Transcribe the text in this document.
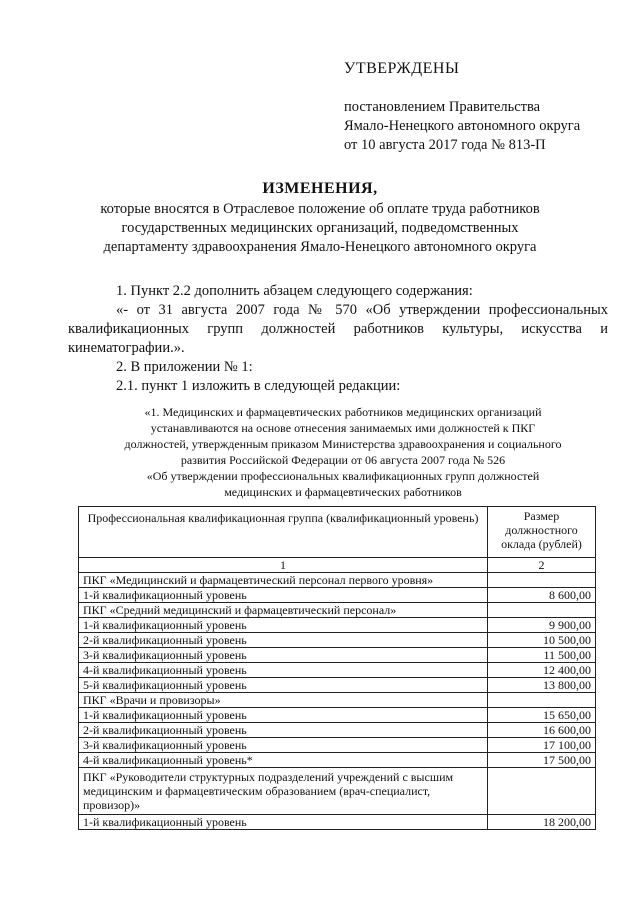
УТВЕРЖДЕНЫ
постановлением Правительства
Ямало-Ненецкого автономного округа
от 10 августа 2017 года № 813-П
ИЗМЕНЕНИЯ,
которые вносятся в Отраслевое положение об оплате труда работников
государственных медицинских организаций, подведомственных
департаменту здравоохранения Ямало-Ненецкого автономного округа

1. Пункт 2.2 дополнить абзацем следующего содержания:

«- от 31 августа 2007 года № 570 «Об утверждении профессиональных квалификационных групп должностей работников культуры, искусства и кинематографии.».

2. В приложении № 1:

2.1. пункт 1 изложить в следующей редакции:

«1. Медицинских и фармацевтических работников медицинских организаций
устанавливаются на основе отнесения занимаемых ими должностей к ПКГ
должностей, утвержденным приказом Министерства здравоохранения и социального
развития Российской Федерации от 06 августа 2007 года № 526
«Об утверждении профессиональных квалификационных групп должностей
медицинских и фармацевтических работников
Профессиональная квалификационная группа (квалификационный уровень)	Размер должностного оклада (рублей)
1	2
ПКГ «Медицинский и фармацевтический персонал первого уровня»	
1-й квалификационный уровень	8 600,00
ПКГ «Средний медицинский и фармацевтический персонал»	
1-й квалификационный уровень	9 900,00
2-й квалификационный уровень	10 500,00
3-й квалификационный уровень	11 500,00
4-й квалификационный уровень	12 400,00
5-й квалификационный уровень	13 800,00
ПКГ «Врачи и провизоры»	
1-й квалификационный уровень	15 650,00
2-й квалификационный уровень	16 600,00
3-й квалификационный уровень	17 100,00
4-й квалификационный уровень*	17 500,00
ПКГ «Руководители структурных подразделений учреждений с высшим медицинским и фармацевтическим образованием (врач-специалист, провизор)»	
1-й квалификационный уровень	18 200,00
